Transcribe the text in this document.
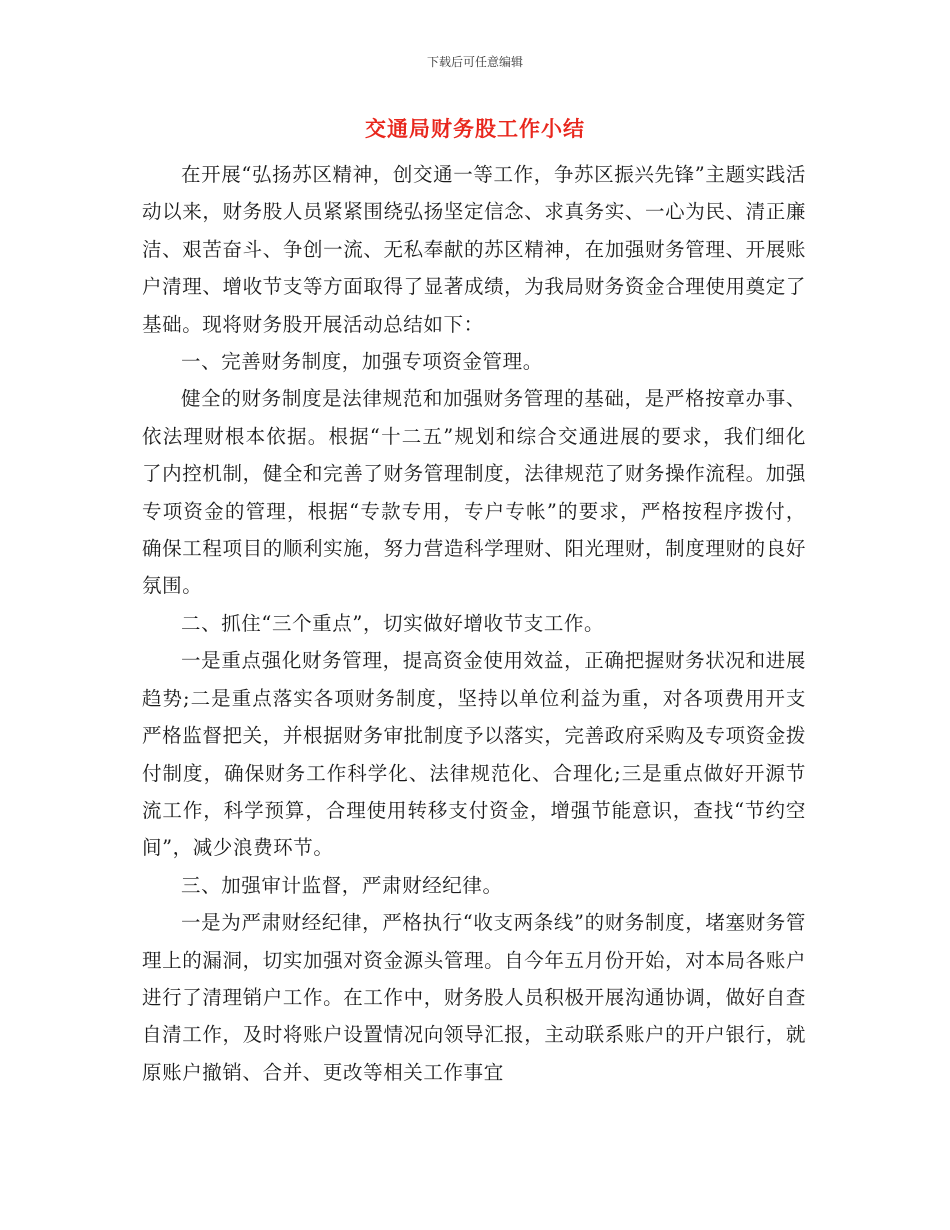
下载后可任意编辑
交通局财务股工作小结

在开展“弘扬苏区精神，创交通一等工作，争苏区振兴先锋”主题实践活动以来，财务股人员紧紧围绕弘扬坚定信念、求真务实、一心为民、清正廉洁、艰苦奋斗、争创一流、无私奉献的苏区精神，在加强财务管理、开展账户清理、增收节支等方面取得了显著成绩，为我局财务资金合理使用奠定了基础。现将财务股开展活动总结如下：

一、完善财务制度，加强专项资金管理。

健全的财务制度是法律规范和加强财务管理的基础，是严格按章办事、依法理财根本依据。根据“十二五”规划和综合交通进展的要求，我们细化了内控机制，健全和完善了财务管理制度，法律规范了财务操作流程。加强专项资金的管理，根据“专款专用，专户专帐”的要求，严格按程序拨付，确保工程项目的顺利实施，努力营造科学理财、阳光理财，制度理财的良好氛围。

二、抓住“三个重点”，切实做好增收节支工作。

一是重点强化财务管理，提高资金使用效益，正确把握财务状况和进展趋势;二是重点落实各项财务制度，坚持以单位利益为重，对各项费用开支严格监督把关，并根据财务审批制度予以落实，完善政府采购及专项资金拨付制度，确保财务工作科学化、法律规范化、合理化;三是重点做好开源节流工作，科学预算，合理使用转移支付资金，增强节能意识，查找“节约空间”，减少浪费环节。

三、加强审计监督，严肃财经纪律。

一是为严肃财经纪律，严格执行“收支两条线”的财务制度，堵塞财务管理上的漏洞，切实加强对资金源头管理。自今年五月份开始，对本局各账户进行了清理销户工作。在工作中，财务股人员积极开展沟通协调，做好自查自清工作，及时将账户设置情况向领导汇报，主动联系账户的开户银行，就原账户撤销、合并、更改等相关工作事宜
